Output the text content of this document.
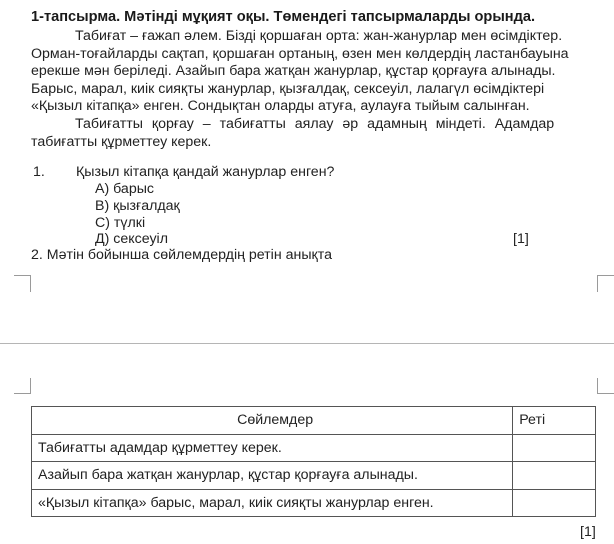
1-тапсырма. Мәтінді мұқият оқы. Төмендегі тапсырмаларды орында.
Табиғат – ғажап әлем. Бізді қоршаған орта: жан-жанурлар мен өсімдіктер.
Орман-тоғайларды сақтап, қоршаған ортаның, өзен мен көлдердің ластанбауына
ерекше мән беріледі. Азайып бара жатқан жанурлар, құстар қорғауға алынады.
Барыс, марал, киік сияқты жанурлар, қызғалдақ, сексеуіл, лалагүл өсімдіктері
«Қызыл кітапқа» енген. Сондықтан оларды атуға, аулауға тыйым салынған.
Табиғатты қорғау – табиғатты аялау әр адамның міндеті. Адамдар
табиғатты құрметтеу керек.
1. Қызыл кітапқа қандай жанурлар енген?
А) барыс
В) қызғалдақ
С) түлкі
Д) сексеуіл	[1]
2. Мәтін бойынша сөйлемдердің ретін анықта
Сөйлемдер	Реті
Табиғатты адамдар құрметтеу керек.	
Азайып бара жатқан жанурлар, құстар қорғауға алынады.	
«Қызыл кітапқа» барыс, марал, киік сияқты жанурлар енген.	
[1]
